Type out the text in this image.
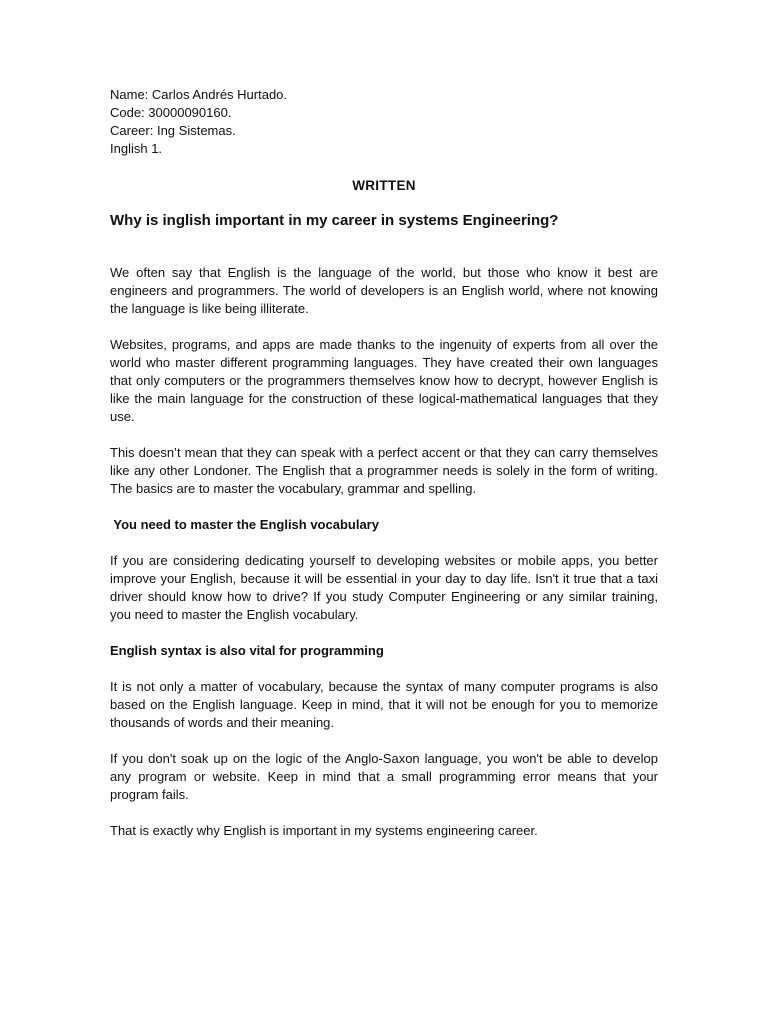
Name: Carlos Andrés Hurtado.

Code: 30000090160.

Career: Ing Sistemas.

Inglish 1.

WRITTEN

Why is inglish important in my career in systems Engineering?

We often say that English is the language of the world, but those who know it best are engineers and programmers. The world of developers is an English world, where not knowing the language is like being illiterate.

Websites, programs, and apps are made thanks to the ingenuity of experts from all over the world who master different programming languages. They have created their own languages that only computers or the programmers themselves know how to decrypt, however English is like the main language for the construction of these logical-mathematical languages that they use.

This doesn’t mean that they can speak with a perfect accent or that they can carry themselves like any other Londoner. The English that a programmer needs is solely in the form of writing. The basics are to master the vocabulary, grammar and spelling.

You need to master the English vocabulary

If you are considering dedicating yourself to developing websites or mobile apps, you better improve your English, because it will be essential in your day to day life. Isn't it true that a taxi driver should know how to drive? If you study Computer Engineering or any similar training, you need to master the English vocabulary.

English syntax is also vital for programming

It is not only a matter of vocabulary, because the syntax of many computer programs is also based on the English language. Keep in mind, that it will not be enough for you to memorize thousands of words and their meaning.

If you don't soak up on the logic of the Anglo-Saxon language, you won't be able to develop any program or website. Keep in mind that a small programming error means that your program fails.

That is exactly why English is important in my systems engineering career.
